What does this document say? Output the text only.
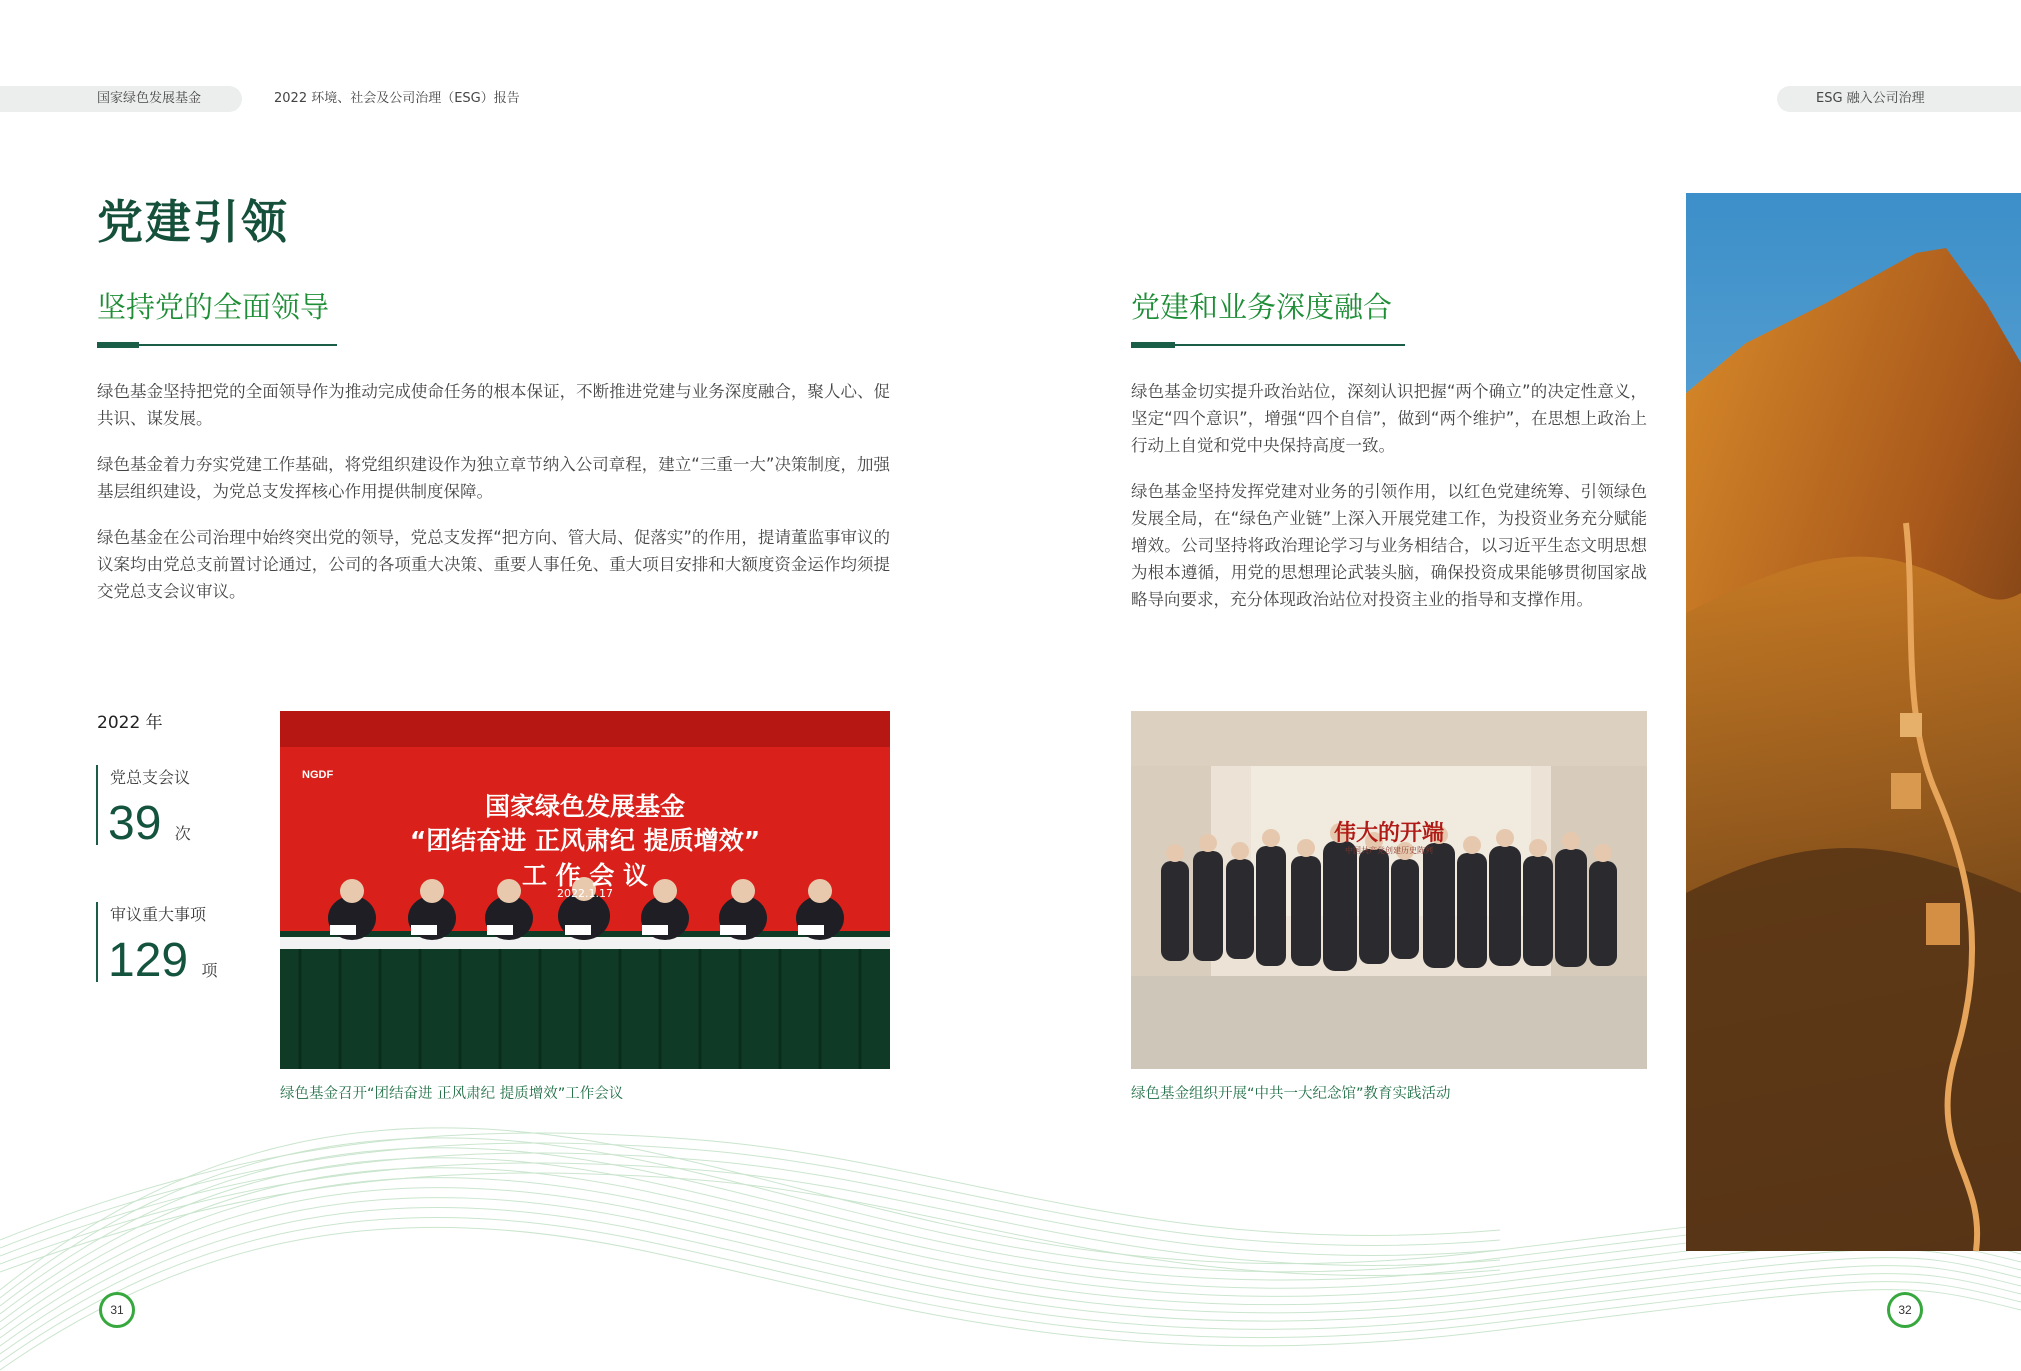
国家绿色发展基金	2022 环境、社会及公司治理（ESG）报告	ESG 融入公司治理
党建引领
坚持党的全面领导

绿色基金坚持把党的全面领导作为推动完成使命任务的根本保证，不断推进党建与业务深度融合，聚人心、促共识、谋发展。

绿色基金着力夯实党建工作基础，将党组织建设作为独立章节纳入公司章程，建立“三重一大”决策制度，加强基层组织建设，为党总支发挥核心作用提供制度保障。

绿色基金在公司治理中始终突出党的领导，党总支发挥“把方向、管大局、促落实”的作用，提请董监事审议的议案均由党总支前置讨论通过，公司的各项重大决策、重要人事任免、重大项目安排和大额度资金运作均须提交党总支会议审议。

2022 年
党总支会议
39 次
审议重大事项
129 项
NGDF
国家绿色发展基金
“团结奋进 正风肃纪 提质增效”
工 作 会 议
2022.1.17
绿色基金召开“团结奋进 正风肃纪 提质增效”工作会议
31
党建和业务深度融合

绿色基金切实提升政治站位，深刻认识把握“两个确立”的决定性意义，坚定“四个意识”，增强“四个自信”，做到“两个维护”，在思想上政治上行动上自觉和党中央保持高度一致。

绿色基金坚持发挥党建对业务的引领作用，以红色党建统筹、引领绿色发展全局，在“绿色产业链”上深入开展党建工作，为投资业务充分赋能增效。公司坚持将政治理论学习与业务相结合，以习近平生态文明思想为根本遵循，用党的思想理论武装头脑，确保投资成果能够贯彻国家战略导向要求，充分体现政治站位对投资主业的指导和支撑作用。

伟大的开端
中国共产党创建历史陈列
绿色基金组织开展“中共一大纪念馆”教育实践活动
32
